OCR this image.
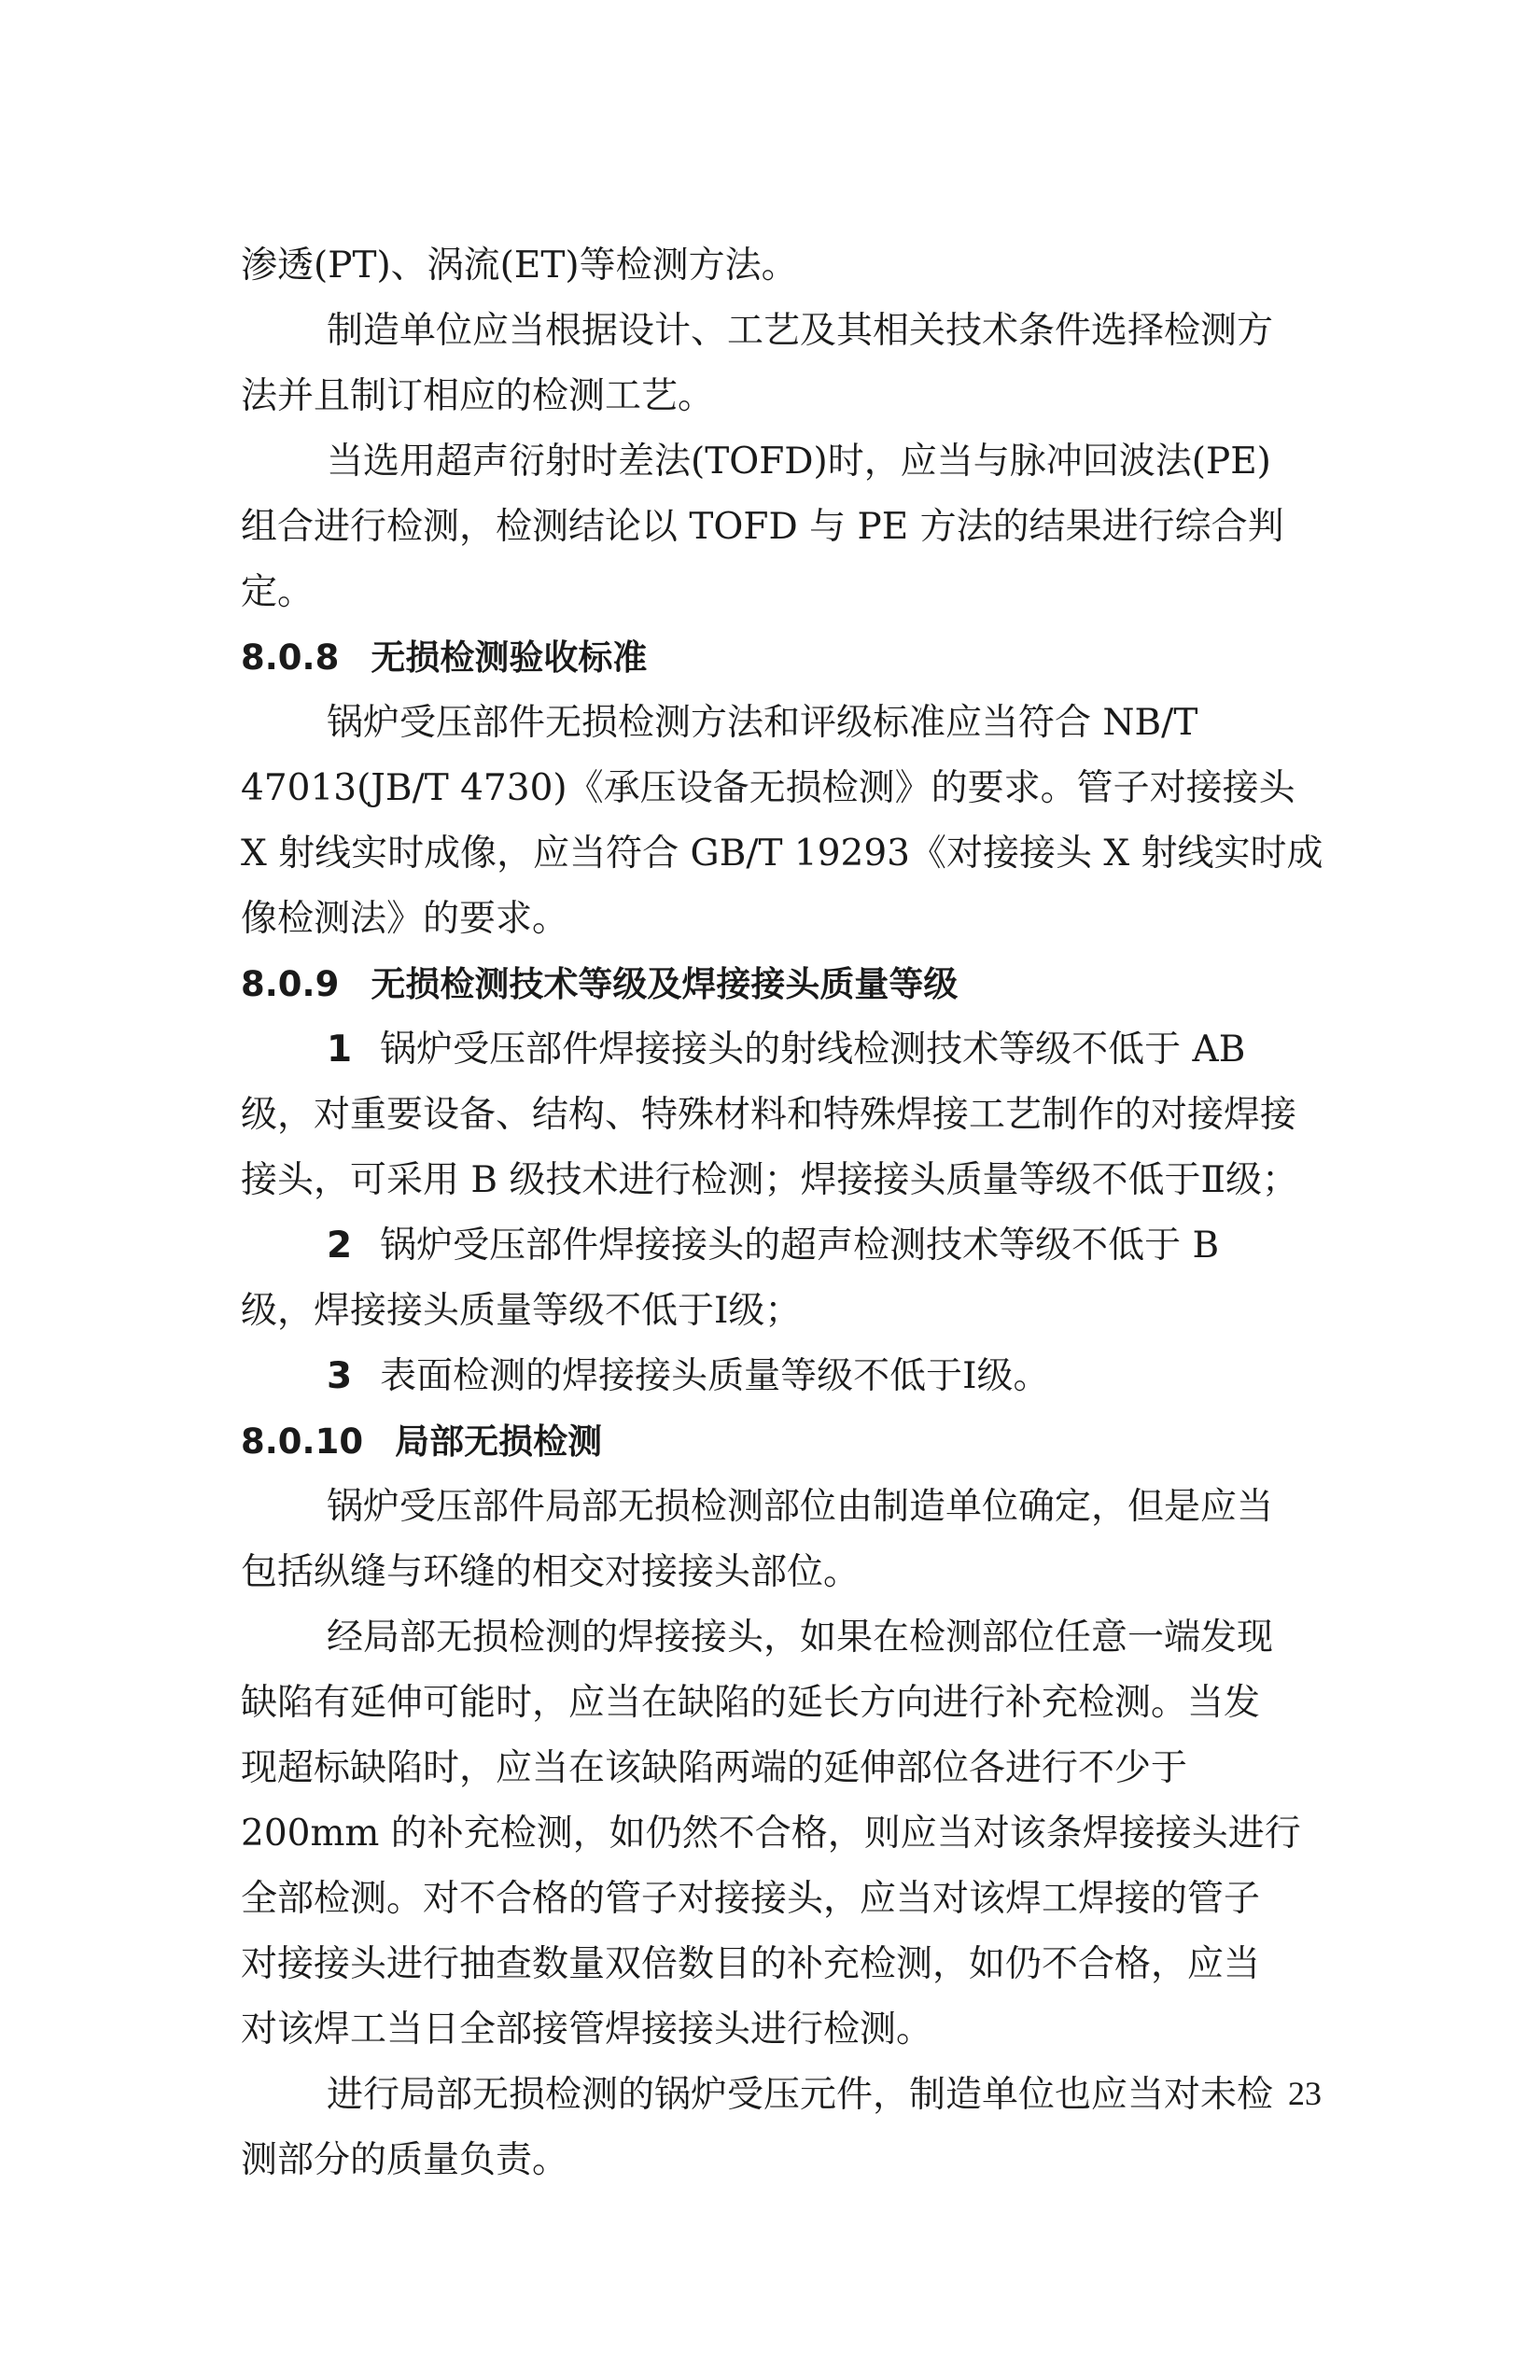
渗透(PT)、涡流(ET)等检测方法。
制造单位应当根据设计、工艺及其相关技术条件选择检测方
法并且制订相应的检测工艺。
当选用超声衍射时差法(TOFD)时，应当与脉冲回波法(PE)
组合进行检测，检测结论以 TOFD 与 PE 方法的结果进行综合判
定。
8.0.8 无损检测验收标准
锅炉受压部件无损检测方法和评级标准应当符合 NB/T
47013(JB/T 4730)《承压设备无损检测》的要求。管子对接接头
X 射线实时成像，应当符合 GB/T 19293《对接接头 X 射线实时成
像检测法》的要求。
8.0.9 无损检测技术等级及焊接接头质量等级
1 锅炉受压部件焊接接头的射线检测技术等级不低于 AB
级，对重要设备、结构、特殊材料和特殊焊接工艺制作的对接焊接
接头，可采用 B 级技术进行检测；焊接接头质量等级不低于Ⅱ级；
2 锅炉受压部件焊接接头的超声检测技术等级不低于 B
级，焊接接头质量等级不低于Ⅰ级；
3 表面检测的焊接接头质量等级不低于Ⅰ级。
8.0.10 局部无损检测
锅炉受压部件局部无损检测部位由制造单位确定，但是应当
包括纵缝与环缝的相交对接接头部位。
经局部无损检测的焊接接头，如果在检测部位任意一端发现
缺陷有延伸可能时，应当在缺陷的延长方向进行补充检测。当发
现超标缺陷时，应当在该缺陷两端的延伸部位各进行不少于
200mm 的补充检测，如仍然不合格，则应当对该条焊接接头进行
全部检测。对不合格的管子对接接头，应当对该焊工焊接的管子
对接接头进行抽查数量双倍数目的补充检测，如仍不合格，应当
对该焊工当日全部接管焊接接头进行检测。
进行局部无损检测的锅炉受压元件，制造单位也应当对未检
测部分的质量负责。
23
